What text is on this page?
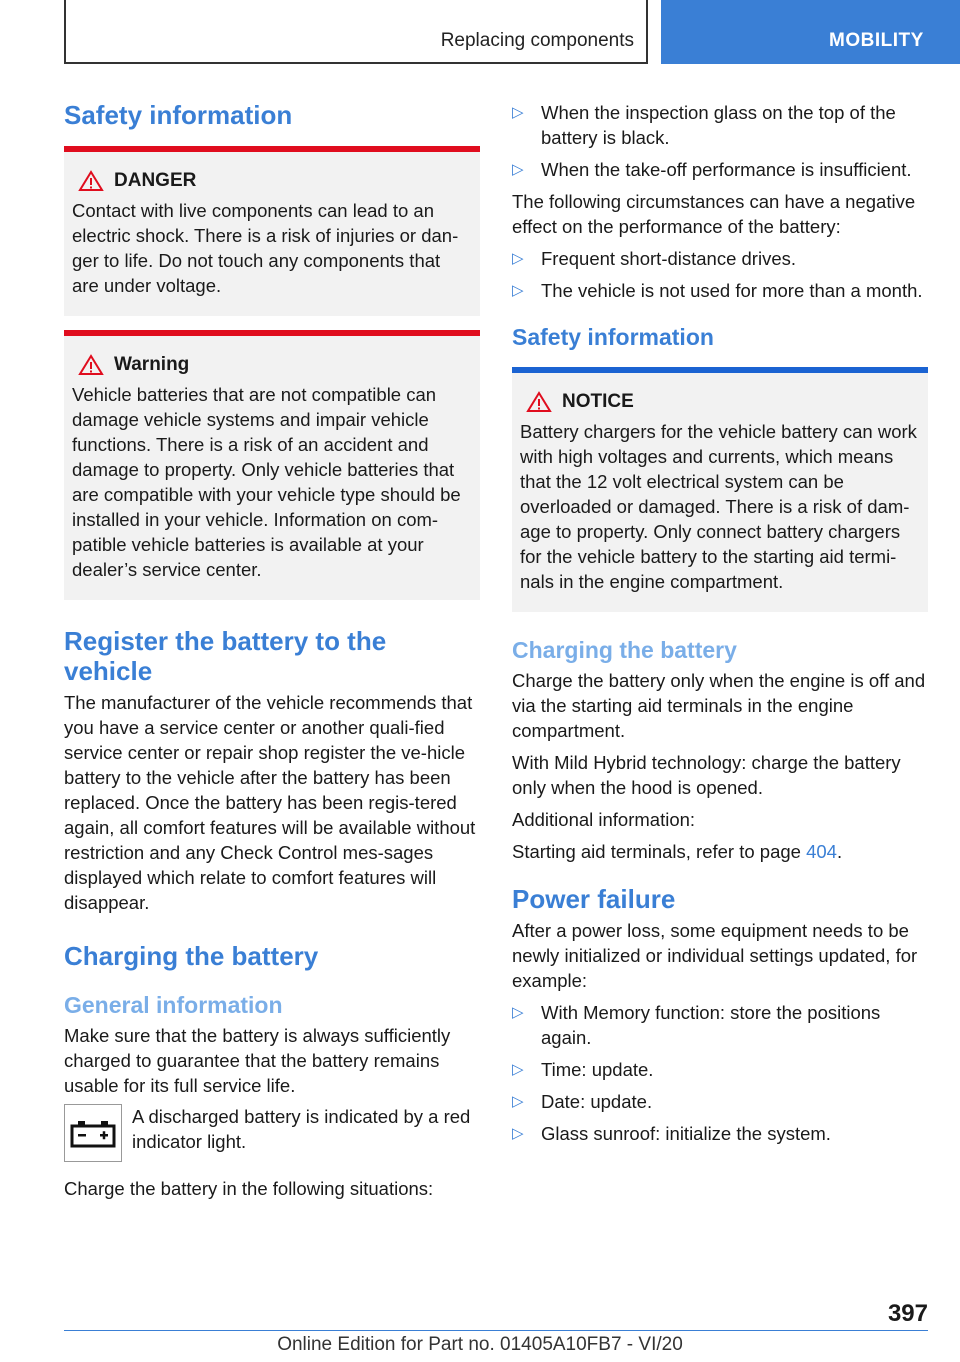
Replacing components	MOBILITY
Safety information
DANGER

Contact with live components can lead to an electric shock. There is a risk of injuries or dan-ger to life. Do not touch any components that are under voltage.

Warning

Vehicle batteries that are not compatible can damage vehicle systems and impair vehicle functions. There is a risk of an accident and damage to property. Only vehicle batteries that are compatible with your vehicle type should be installed in your vehicle. Information on com-patible vehicle batteries is available at your dealer’s service center.

Register the battery to the vehicle

The manufacturer of the vehicle recommends that you have a service center or another quali-fied service center or repair shop register the ve-hicle battery to the vehicle after the battery has been replaced. Once the battery has been regis-tered again, all comfort features will be available without restriction and any Check Control mes-sages displayed which relate to comfort features will disappear.

Charging the battery
General information

Make sure that the battery is always sufficiently charged to guarantee that the battery remains usable for its full service life.

A discharged battery is indicated by a red indicator light.

Charge the battery in the following situations:

▷ When the inspection glass on the top of the battery is black.
▷ When the take-off performance is insufficient.

The following circumstances can have a negative effect on the performance of the battery:

▷ Frequent short-distance drives.
▷ The vehicle is not used for more than a month.
Safety information
NOTICE

Battery chargers for the vehicle battery can work with high voltages and currents, which means that the 12 volt electrical system can be overloaded or damaged. There is a risk of dam-age to property. Only connect battery chargers for the vehicle battery to the starting aid termi-nals in the engine compartment.

Charging the battery

Charge the battery only when the engine is off and via the starting aid terminals in the engine compartment.

With Mild Hybrid technology: charge the battery only when the hood is opened.

Additional information:

Starting aid terminals, refer to page 404.

Power failure

After a power loss, some equipment needs to be newly initialized or individual settings updated, for example:

▷ With Memory function: store the positions again.
▷ Time: update.
▷ Date: update.
▷ Glass sunroof: initialize the system.
397
Online Edition for Part no. 01405A10FB7 - VI/20
